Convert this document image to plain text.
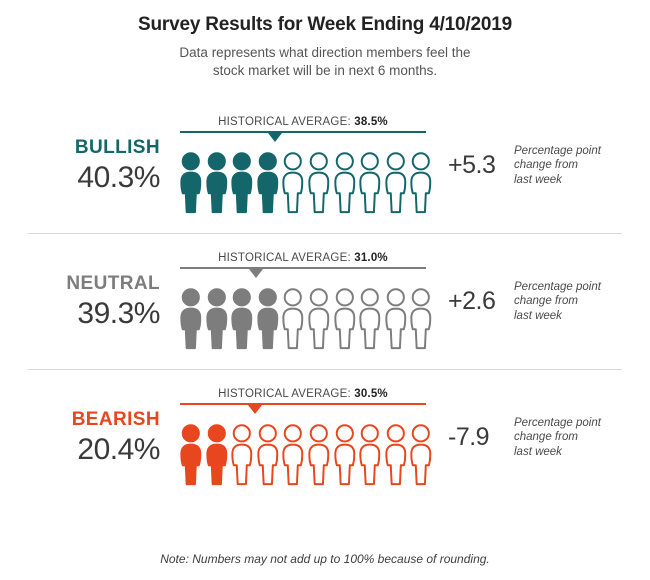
Survey Results for Week Ending 4/10/2019
Data represents what direction members feel the
stock market will be in next 6 months.
BULLISH
40.3%
HISTORICAL AVERAGE: 38.5%
+5.3
Percentage point
change from
last week
NEUTRAL
39.3%
HISTORICAL AVERAGE: 31.0%
+2.6
Percentage point
change from
last week
BEARISH
20.4%
HISTORICAL AVERAGE: 30.5%
-7.9
Percentage point
change from
last week
Note: Numbers may not add up to 100% because of rounding.
